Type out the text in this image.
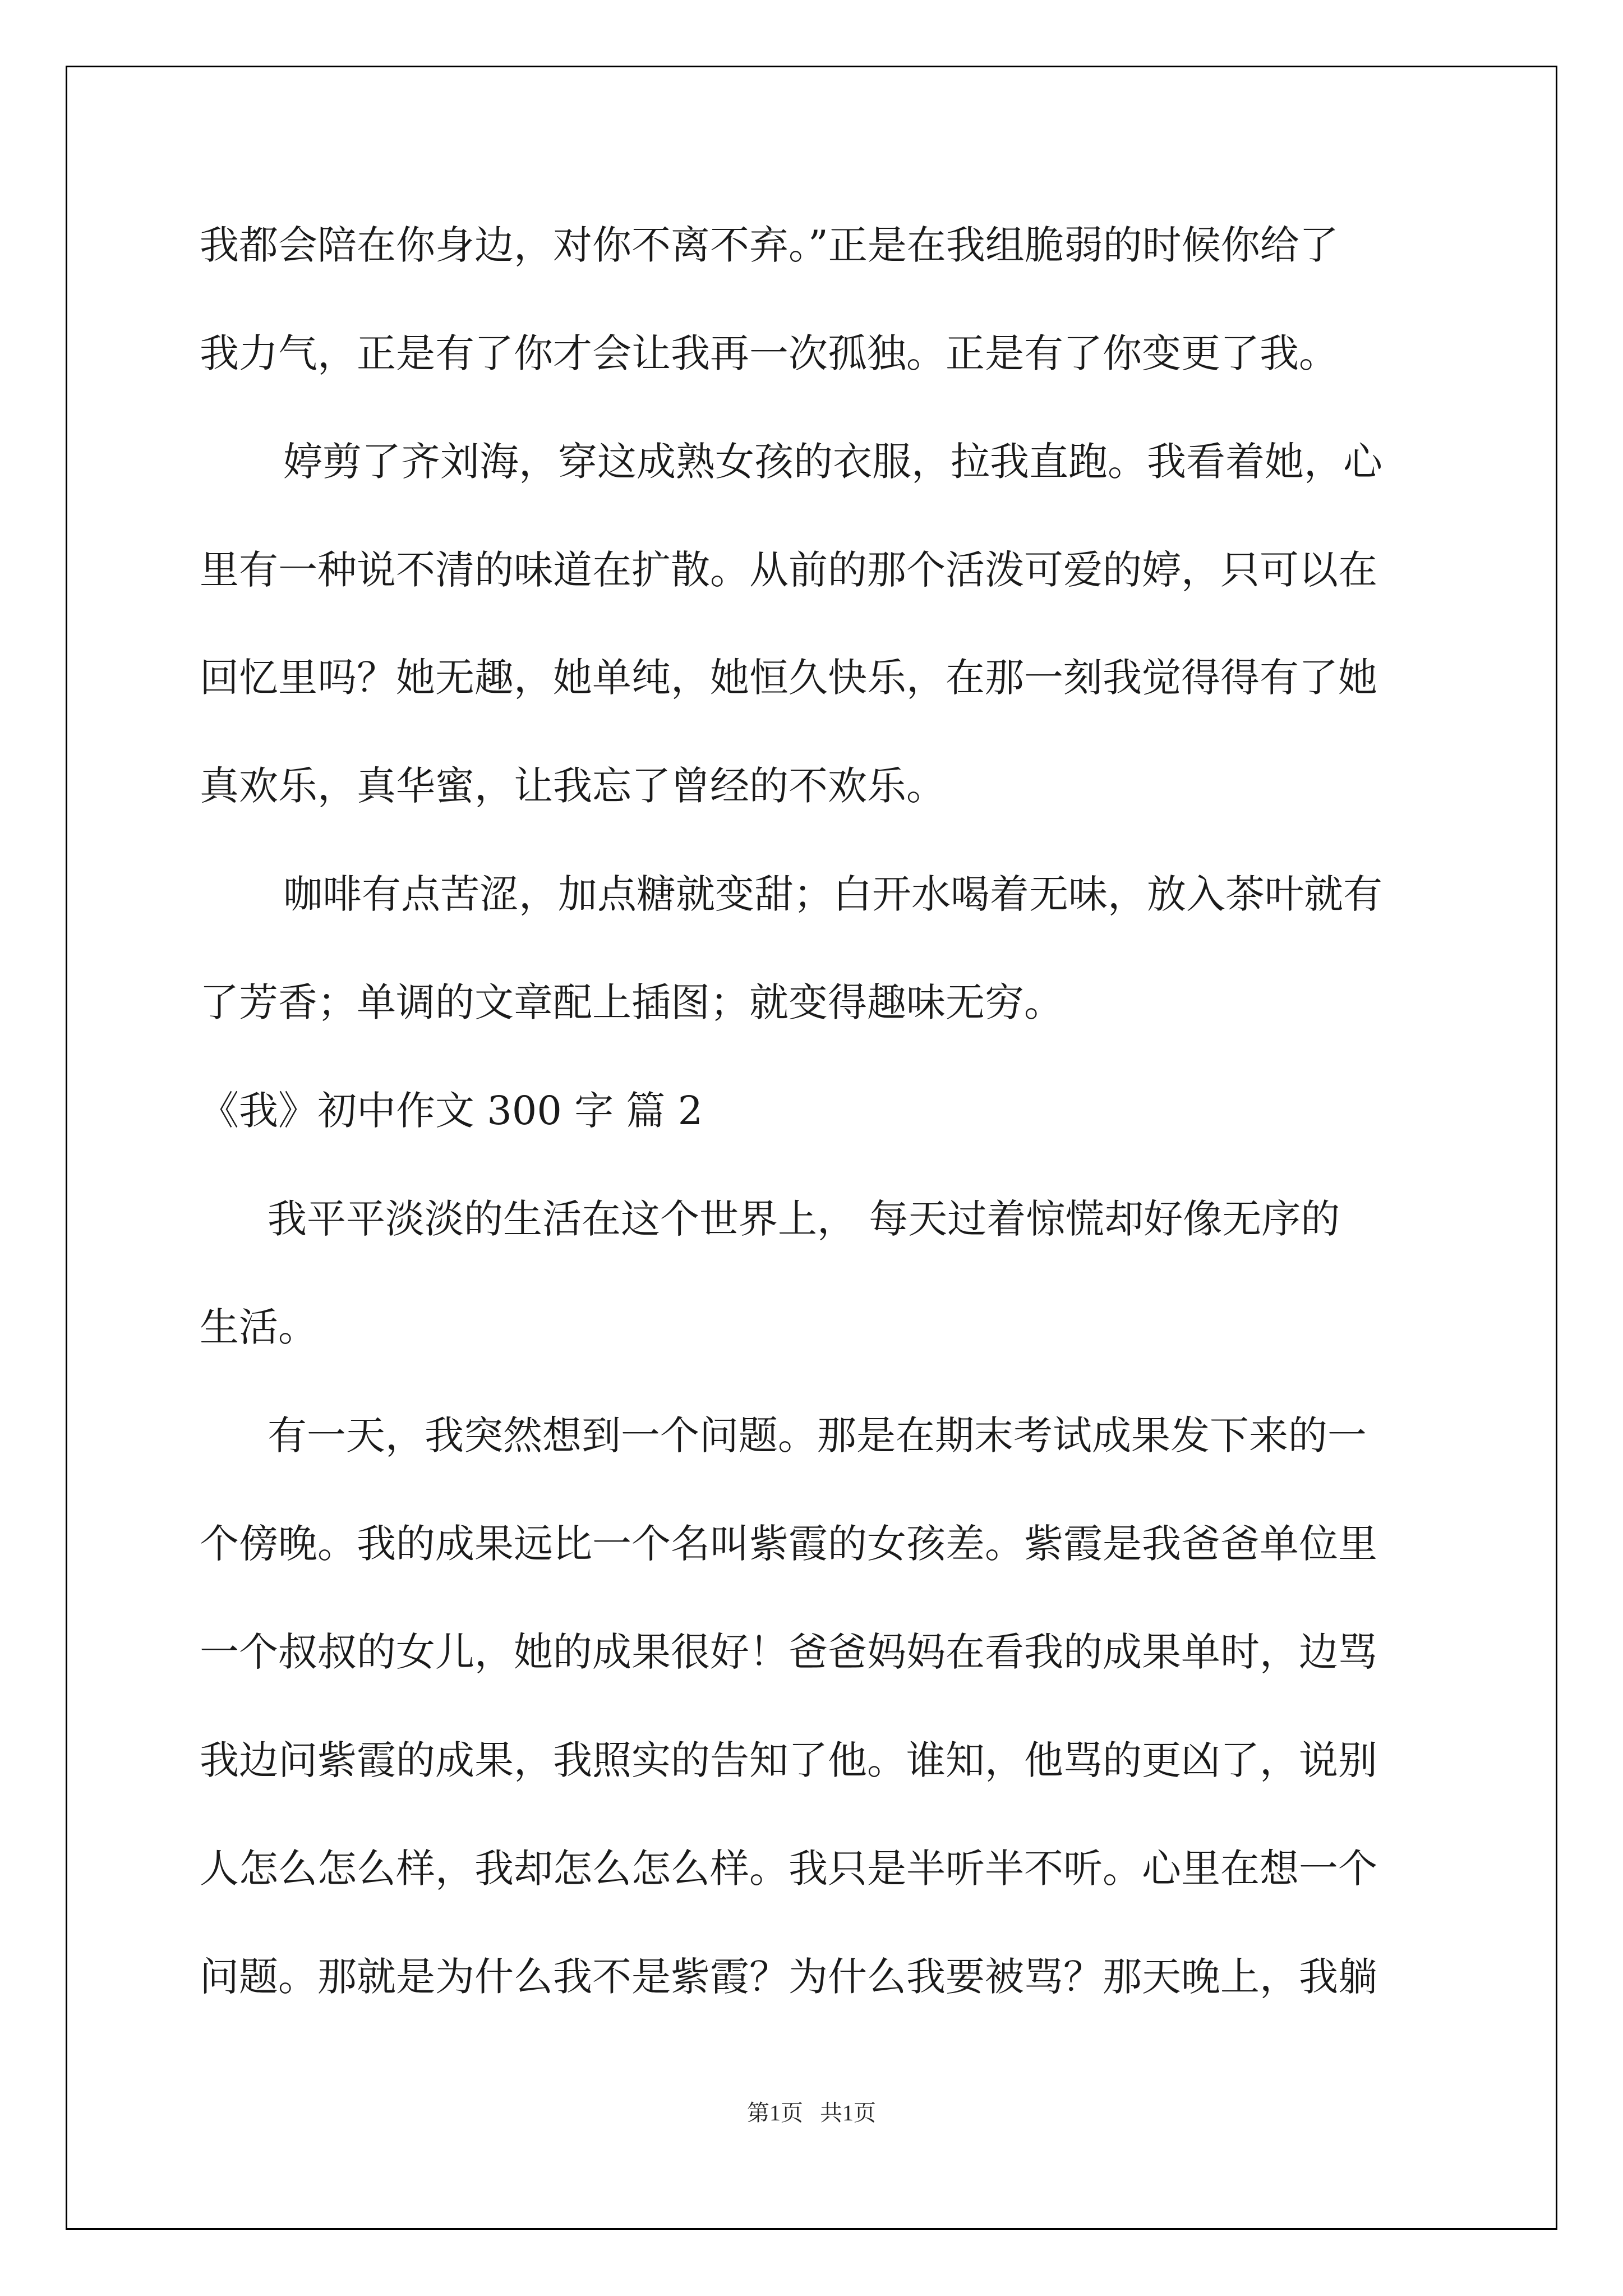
我都会陪在你身边，对你不离不弃。”正是在我组脆弱的时候你给了

我力气，正是有了你才会让我再一次孤独。正是有了你变更了我。

婷剪了齐刘海，穿这成熟女孩的衣服，拉我直跑。我看着她，心

里有一种说不清的味道在扩散。从前的那个活泼可爱的婷，只可以在

回忆里吗？她无趣，她单纯，她恒久快乐，在那一刻我觉得得有了她

真欢乐，真华蜜，让我忘了曾经的不欢乐。

咖啡有点苦涩，加点糖就变甜；白开水喝着无味，放入茶叶就有

了芳香；单调的文章配上插图；就变得趣味无穷。

《我》初中作文 300 字 篇 2

我平平淡淡的生活在这个世界上， 每天过着惊慌却好像无序的

生活。

有一天，我突然想到一个问题。那是在期末考试成果发下来的一

个傍晚。我的成果远比一个名叫紫霞的女孩差。紫霞是我爸爸单位里

一个叔叔的女儿，她的成果很好！爸爸妈妈在看我的成果单时，边骂

我边问紫霞的成果，我照实的告知了他。谁知，他骂的更凶了，说别

人怎么怎么样，我却怎么怎么样。我只是半听半不听。心里在想一个

问题。那就是为什么我不是紫霞？为什么我要被骂？那天晚上，我躺

第1页   共1页
